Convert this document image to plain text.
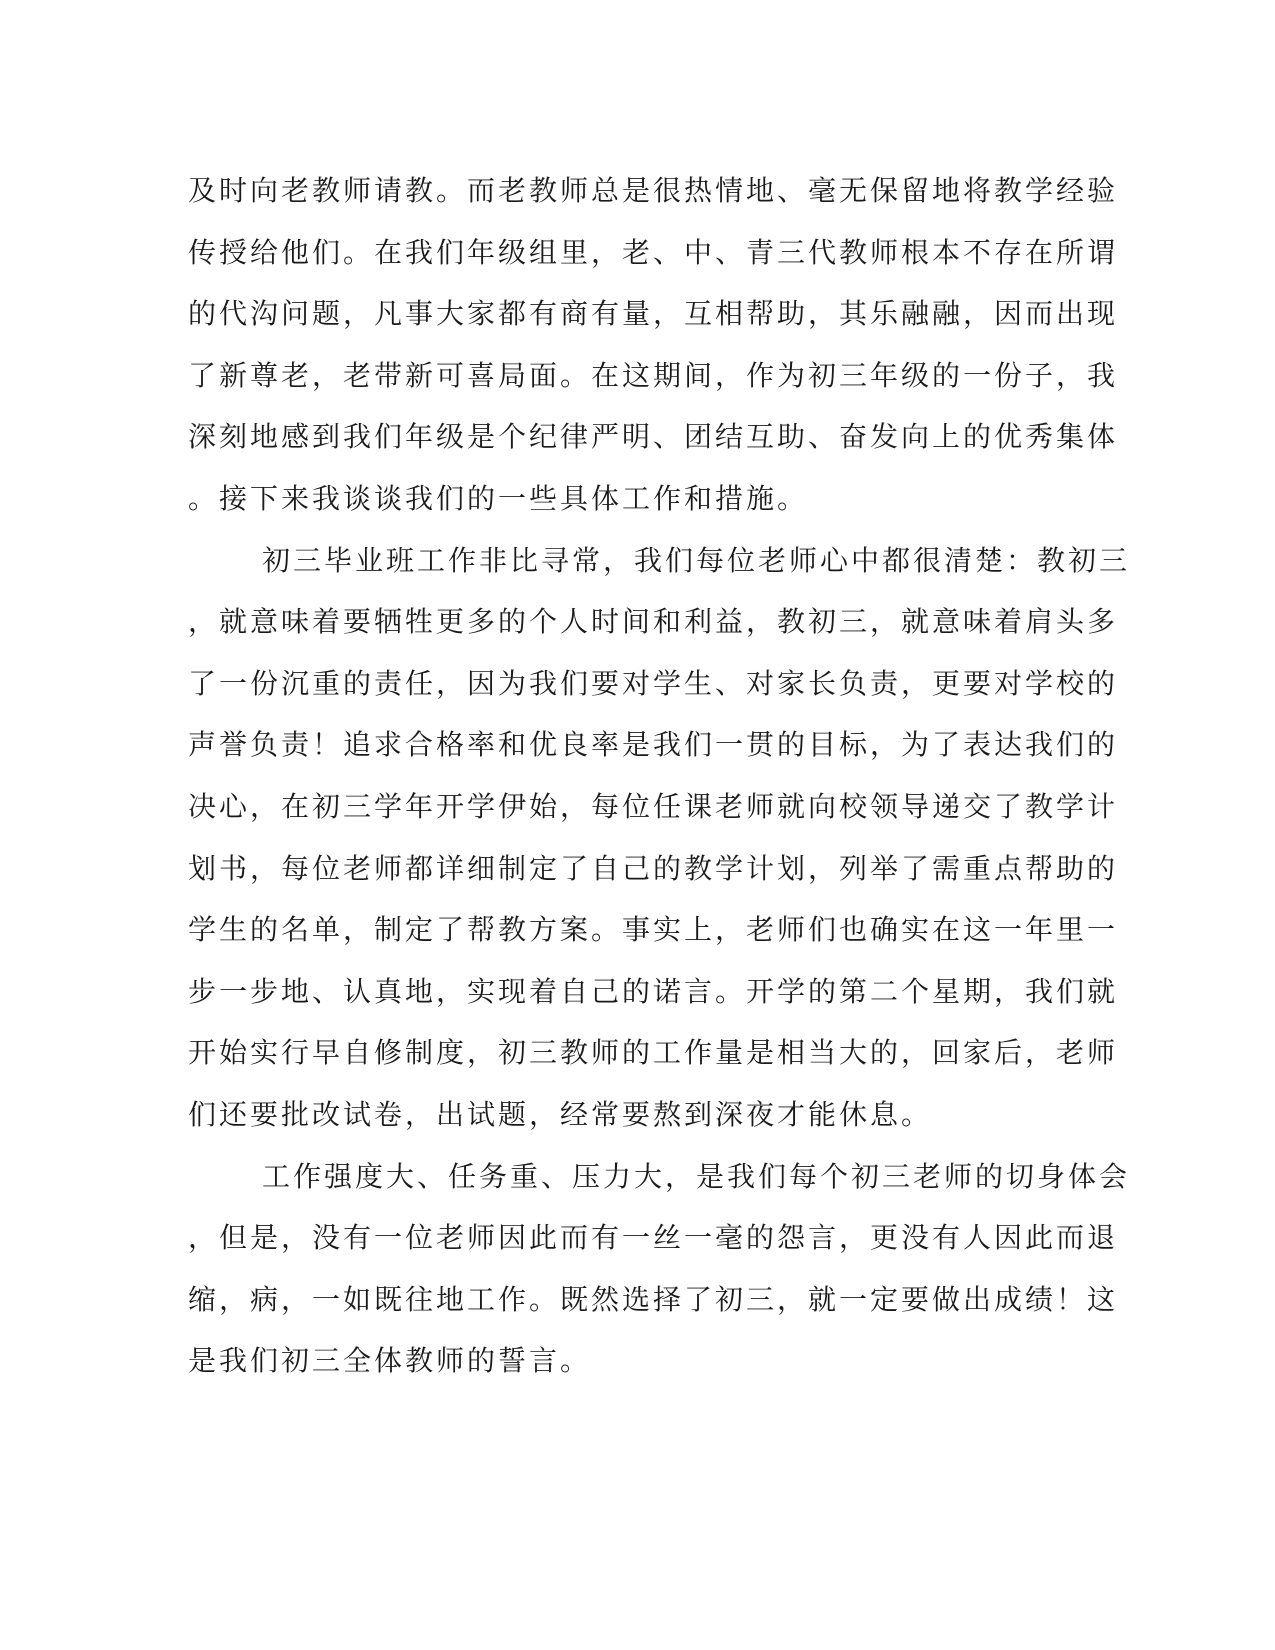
及时向老教师请教。而老教师总是很热情地、毫无保留地将教学经验
传授给他们。在我们年级组里，老、中、青三代教师根本不存在所谓
的代沟问题，凡事大家都有商有量，互相帮助，其乐融融，因而出现
了新尊老，老带新可喜局面。在这期间，作为初三年级的一份子，我
深刻地感到我们年级是个纪律严明、团结互助、奋发向上的优秀集体
。接下来我谈谈我们的一些具体工作和措施。
初三毕业班工作非比寻常，我们每位老师心中都很清楚：教初三
，就意味着要牺牲更多的个人时间和利益，教初三，就意味着肩头多
了一份沉重的责任，因为我们要对学生、对家长负责，更要对学校的
声誉负责！追求合格率和优良率是我们一贯的目标，为了表达我们的
决心，在初三学年开学伊始，每位任课老师就向校领导递交了教学计
划书，每位老师都详细制定了自己的教学计划，列举了需重点帮助的
学生的名单，制定了帮教方案。事实上，老师们也确实在这一年里一
步一步地、认真地，实现着自己的诺言。开学的第二个星期，我们就
开始实行早自修制度，初三教师的工作量是相当大的，回家后，老师
们还要批改试卷，出试题，经常要熬到深夜才能休息。
工作强度大、任务重、压力大，是我们每个初三老师的切身体会
，但是，没有一位老师因此而有一丝一毫的怨言，更没有人因此而退
缩，病，一如既往地工作。既然选择了初三，就一定要做出成绩！这
是我们初三全体教师的誓言。
